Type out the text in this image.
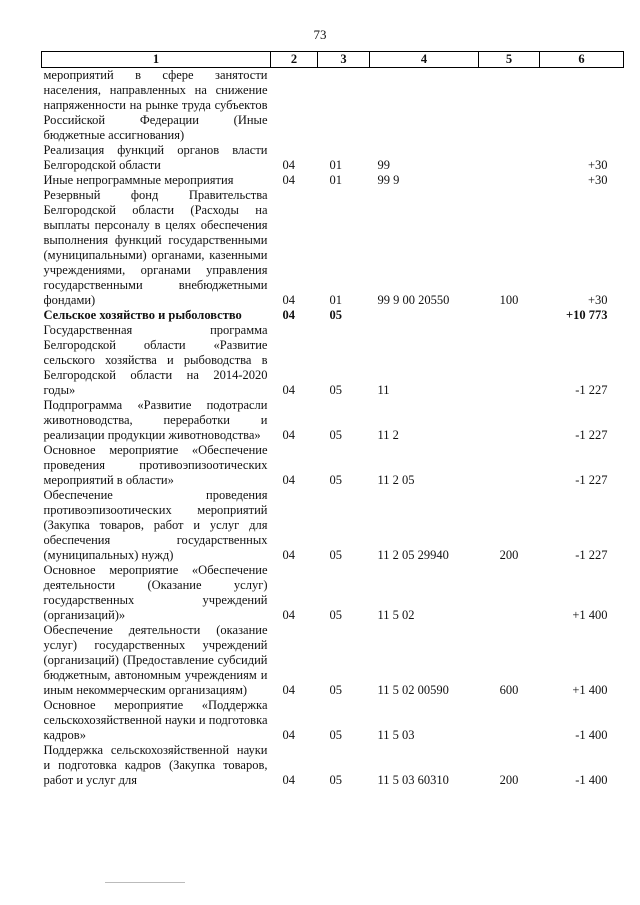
73
1	2	3	4	5	6
мероприятий в сфере занятости населения, направленных на снижение напряженности на рынке труда субъектов Российской Федерации (Иные бюджетные ассигнования)					
Реализация функций органов власти Белгородской области	04	01	99		+30
Иные непрограммные мероприятия	04	01	99 9		+30
Резервный фонд Правительства Белгородской области (Расходы на выплаты персоналу в целях обеспечения выполнения функций государственными (муниципальными) органами, казенными учреждениями, органами управления государственными внебюджетными фондами)	04	01	99 9 00 20550	100	+30
Сельское хозяйство и рыболовство	04	05			+10 773
Государственная программа Белгородской области «Развитие сельского хозяйства и рыбоводства в Белгородской области на 2014-2020 годы»	04	05	11		-1 227
Подпрограмма «Развитие подотрасли животноводства, переработки и реализации продукции животноводства»	04	05	11 2		-1 227
Основное мероприятие «Обеспечение проведения противоэпизоотических мероприятий в области»	04	05	11 2 05		-1 227
Обеспечение проведения противоэпизоотических мероприятий (Закупка товаров, работ и услуг для обеспечения государственных (муниципальных) нужд)	04	05	11 2 05 29940	200	-1 227
Основное мероприятие «Обеспечение деятельности (Оказание услуг) государственных учреждений (организаций)»	04	05	11 5 02		+1 400
Обеспечение деятельности (оказание услуг) государственных учреждений (организаций) (Предоставление субсидий бюджетным, автономным учреждениям и иным некоммерческим организациям)	04	05	11 5 02 00590	600	+1 400
Основное мероприятие «Поддержка сельскохозяйственной науки и подготовка кадров»	04	05	11 5 03		-1 400
Поддержка сельскохозяйственной науки и подготовка кадров (Закупка товаров, работ и услуг для	04	05	11 5 03 60310	200	-1 400
